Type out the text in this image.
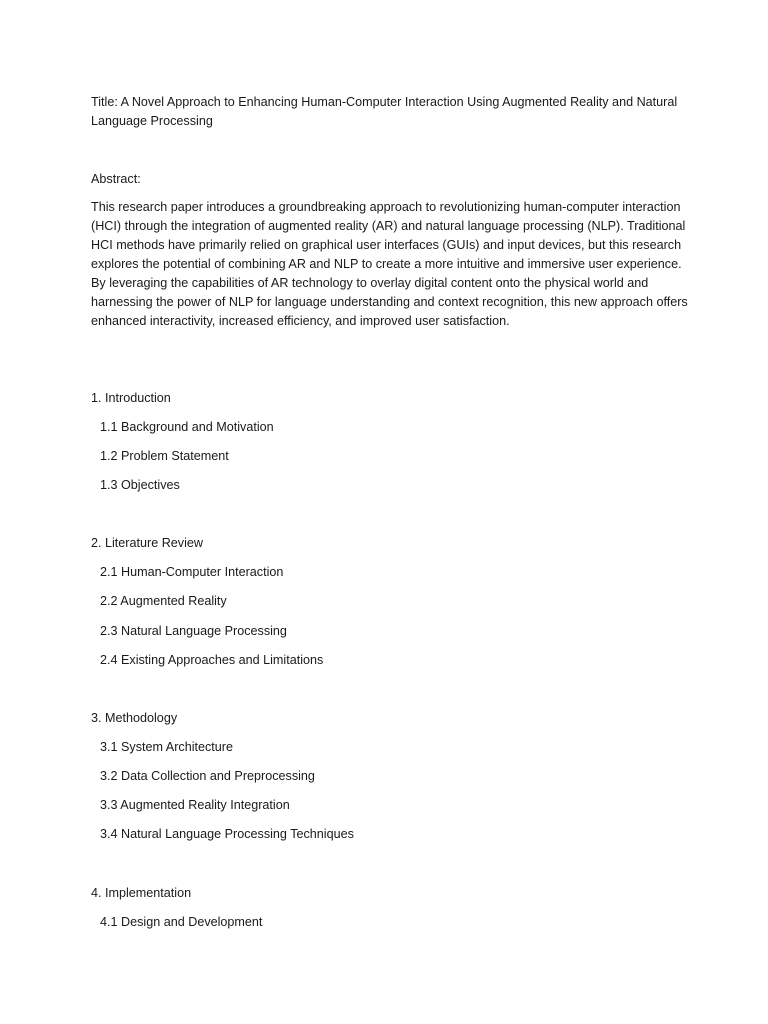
Title: A Novel Approach to Enhancing Human-Computer Interaction Using Augmented Reality and Natural Language Processing

Abstract:

This research paper introduces a groundbreaking approach to revolutionizing human-computer interaction (HCI) through the integration of augmented reality (AR) and natural language processing (NLP). Traditional HCI methods have primarily relied on graphical user interfaces (GUIs) and input devices, but this research explores the potential of combining AR and NLP to create a more intuitive and immersive user experience. By leveraging the capabilities of AR technology to overlay digital content onto the physical world and harnessing the power of NLP for language understanding and context recognition, this new approach offers enhanced interactivity, increased efficiency, and improved user satisfaction.

1. Introduction
1.1 Background and Motivation
1.2 Problem Statement
1.3 Objectives
2. Literature Review
2.1 Human-Computer Interaction
2.2 Augmented Reality
2.3 Natural Language Processing
2.4 Existing Approaches and Limitations
3. Methodology
3.1 System Architecture
3.2 Data Collection and Preprocessing
3.3 Augmented Reality Integration
3.4 Natural Language Processing Techniques
4. Implementation
4.1 Design and Development
